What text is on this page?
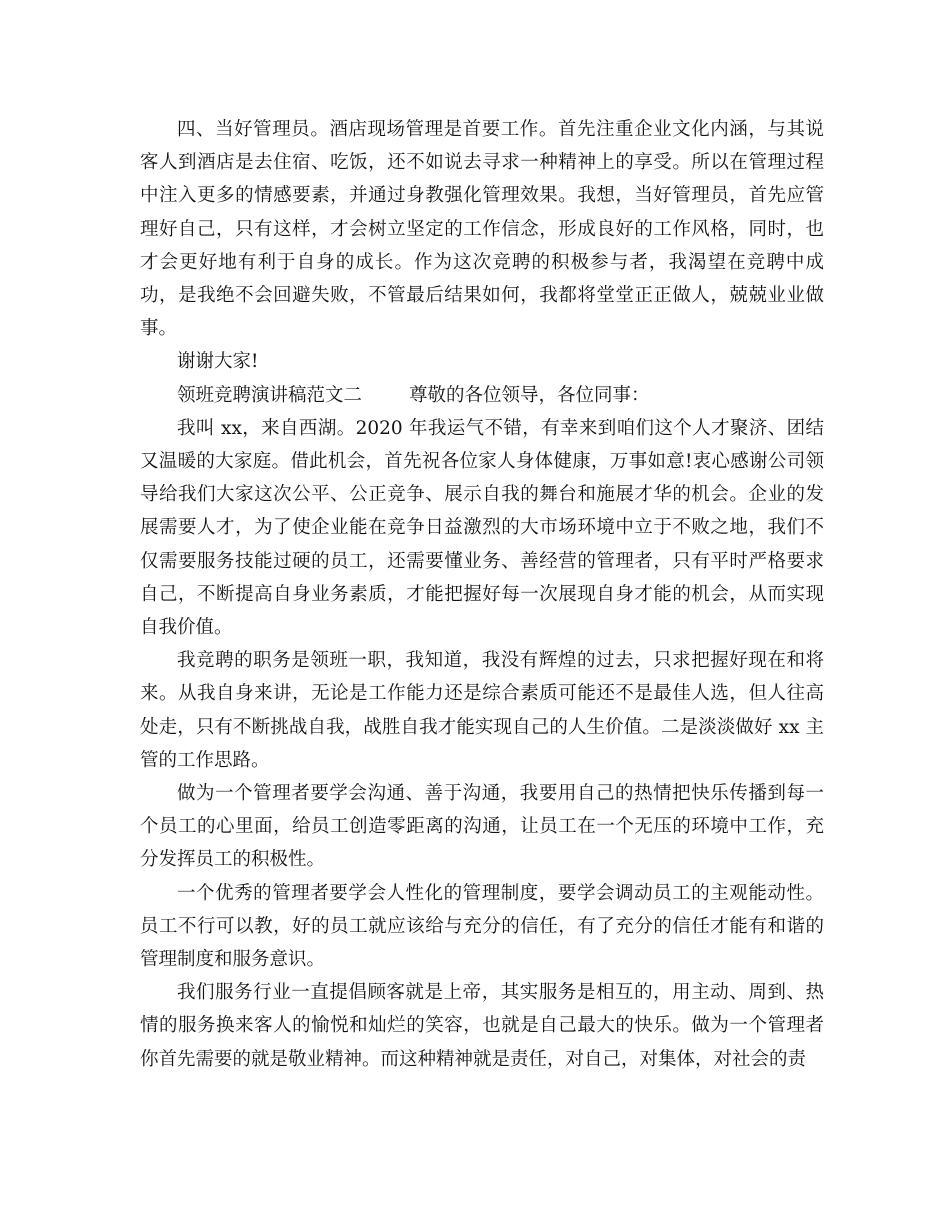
四、当好管理员。酒店现场管理是首要工作。首先注重企业文化内涵，与其说客人到酒店是去住宿、吃饭，还不如说去寻求一种精神上的享受。所以在管理过程中注入更多的情感要素，并通过身教强化管理效果。我想，当好管理员，首先应管理好自己，只有这样，才会树立坚定的工作信念，形成良好的工作风格，同时，也才会更好地有利于自身的成长。作为这次竞聘的积极参与者，我渴望在竞聘中成功，是我绝不会回避失败，不管最后结果如何，我都将堂堂正正做人，兢兢业业做事。

谢谢大家!

领班竞聘演讲稿范文二        尊敬的各位领导，各位同事：

我叫 xx，来自西湖。2020 年我运气不错，有幸来到咱们这个人才聚济、团结又温暖的大家庭。借此机会，首先祝各位家人身体健康，万事如意!衷心感谢公司领导给我们大家这次公平、公正竞争、展示自我的舞台和施展才华的机会。企业的发展需要人才，为了使企业能在竞争日益激烈的大市场环境中立于不败之地，我们不仅需要服务技能过硬的员工，还需要懂业务、善经营的管理者，只有平时严格要求自己，不断提高自身业务素质，才能把握好每一次展现自身才能的机会，从而实现自我价值。

我竞聘的职务是领班一职，我知道，我没有辉煌的过去，只求把握好现在和将来。从我自身来讲，无论是工作能力还是综合素质可能还不是最佳人选，但人往高处走，只有不断挑战自我，战胜自我才能实现自己的人生价值。二是淡淡做好 xx 主管的工作思路。

做为一个管理者要学会沟通、善于沟通，我要用自己的热情把快乐传播到每一个员工的心里面，给员工创造零距离的沟通，让员工在一个无压的环境中工作，充分发挥员工的积极性。

一个优秀的管理者要学会人性化的管理制度，要学会调动员工的主观能动性。员工不行可以教，好的员工就应该给与充分的信任，有了充分的信任才能有和谐的管理制度和服务意识。

我们服务行业一直提倡顾客就是上帝，其实服务是相互的，用主动、周到、热情的服务换来客人的愉悦和灿烂的笑容，也就是自己最大的快乐。做为一个管理者你首先需要的就是敬业精神。而这种精神就是责任，对自己，对集体，对社会的责
